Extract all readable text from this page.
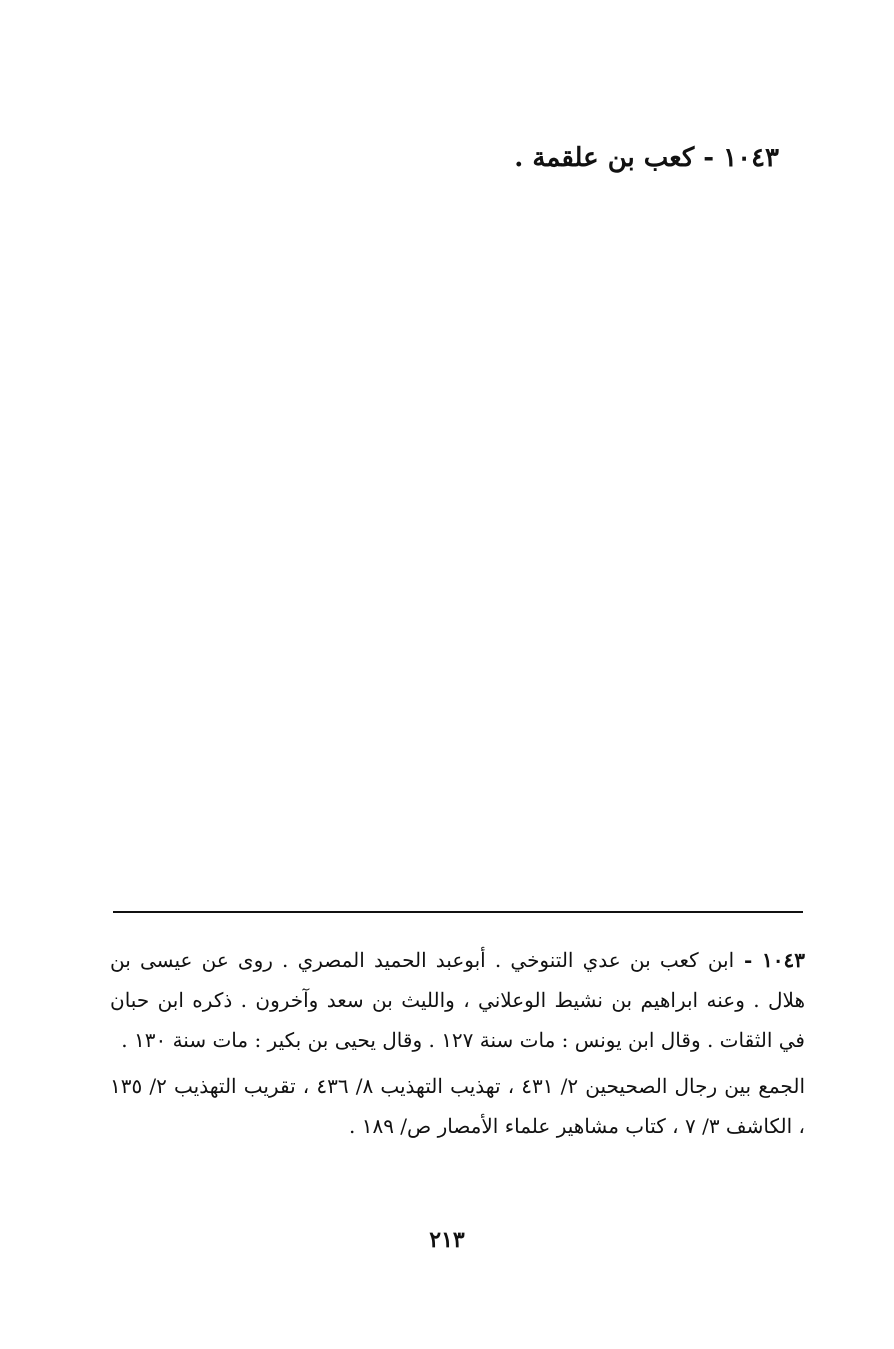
١٠٤٣ - كعب بن علقمة .

١٠٤٣ - ابن كعب بن عدي التنوخي . أبوعبد الحميد المصري . روى عن عيسى بن هلال . وعنه ابراهيم بن نشيط الوعلاني ، والليث بن سعد وآخرون . ذكره ابن حبان في الثقات . وقال ابن يونس : مات سنة ١٢٧ . وقال يحيى بن بكير : مات سنة ١٣٠ .

الجمع بين رجال الصحيحين ٢/ ٤٣١ ، تهذيب التهذيب ٨/ ٤٣٦ ، تقريب التهذيب ٢/ ١٣٥ ، الكاشف ٣/ ٧ ، كتاب مشاهير علماء الأمصار ص/ ١٨٩ .

٢١٣
